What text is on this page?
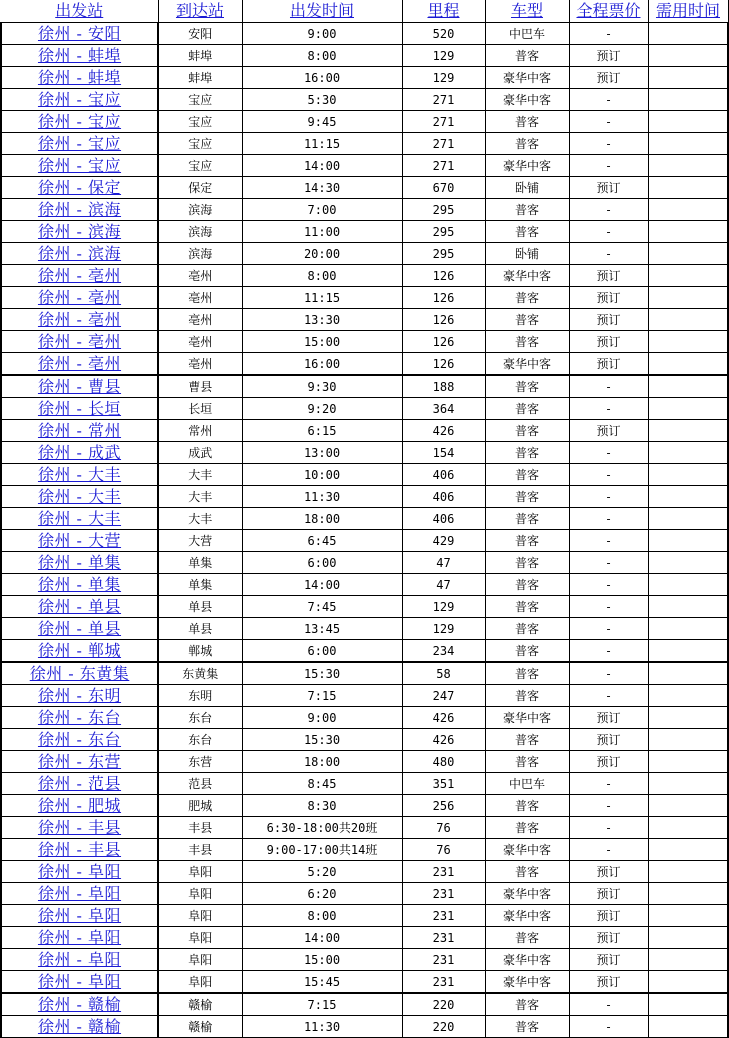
出发站	到达站	出发时间	里程	车型	全程票价	需用时间
徐州 - 安阳	安阳	9:00	520	中巴车	-	
徐州 - 蚌埠	蚌埠	8:00	129	普客	预订	
徐州 - 蚌埠	蚌埠	16:00	129	豪华中客	预订	
徐州 - 宝应	宝应	5:30	271	豪华中客	-	
徐州 - 宝应	宝应	9:45	271	普客	-	
徐州 - 宝应	宝应	11:15	271	普客	-	
徐州 - 宝应	宝应	14:00	271	豪华中客	-	
徐州 - 保定	保定	14:30	670	卧铺	预订	
徐州 - 滨海	滨海	7:00	295	普客	-	
徐州 - 滨海	滨海	11:00	295	普客	-	
徐州 - 滨海	滨海	20:00	295	卧铺	-	
徐州 - 亳州	亳州	8:00	126	豪华中客	预订	
徐州 - 亳州	亳州	11:15	126	普客	预订	
徐州 - 亳州	亳州	13:30	126	普客	预订	
徐州 - 亳州	亳州	15:00	126	普客	预订	
徐州 - 亳州	亳州	16:00	126	豪华中客	预订	
徐州 - 曹县	曹县	9:30	188	普客	-	
徐州 - 长垣	长垣	9:20	364	普客	-	
徐州 - 常州	常州	6:15	426	普客	预订	
徐州 - 成武	成武	13:00	154	普客	-	
徐州 - 大丰	大丰	10:00	406	普客	-	
徐州 - 大丰	大丰	11:30	406	普客	-	
徐州 - 大丰	大丰	18:00	406	普客	-	
徐州 - 大营	大营	6:45	429	普客	-	
徐州 - 单集	单集	6:00	47	普客	-	
徐州 - 单集	单集	14:00	47	普客	-	
徐州 - 单县	单县	7:45	129	普客	-	
徐州 - 单县	单县	13:45	129	普客	-	
徐州 - 郸城	郸城	6:00	234	普客	-	
徐州 - 东黄集	东黄集	15:30	58	普客	-	
徐州 - 东明	东明	7:15	247	普客	-	
徐州 - 东台	东台	9:00	426	豪华中客	预订	
徐州 - 东台	东台	15:30	426	普客	预订	
徐州 - 东营	东营	18:00	480	普客	预订	
徐州 - 范县	范县	8:45	351	中巴车	-	
徐州 - 肥城	肥城	8:30	256	普客	-	
徐州 - 丰县	丰县	6:30-18:00共20班	76	普客	-	
徐州 - 丰县	丰县	9:00-17:00共14班	76	豪华中客	-	
徐州 - 阜阳	阜阳	5:20	231	普客	预订	
徐州 - 阜阳	阜阳	6:20	231	豪华中客	预订	
徐州 - 阜阳	阜阳	8:00	231	豪华中客	预订	
徐州 - 阜阳	阜阳	14:00	231	普客	预订	
徐州 - 阜阳	阜阳	15:00	231	豪华中客	预订	
徐州 - 阜阳	阜阳	15:45	231	豪华中客	预订	
徐州 - 赣榆	赣榆	7:15	220	普客	-	
徐州 - 赣榆	赣榆	11:30	220	普客	-	
